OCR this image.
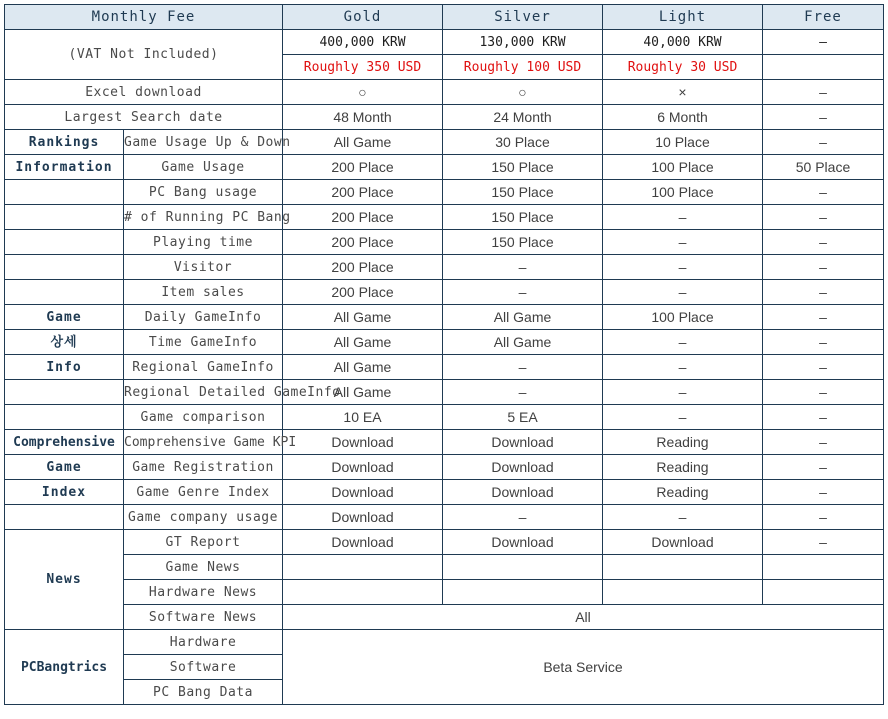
Monthly Fee		Gold	Silver	Light	Free
(VAT Not Included)		400,000 KRW	130,000 KRW	40,000 KRW	–
		Roughly 350 USD	Roughly 100 USD	Roughly 30 USD	
Excel download		○	○	×	–
Largest Search date		48 Month	24 Month	6 Month	–
Rankings	Game Usage Up & Down	All Game	30 Place	10 Place	–
Information	Game Usage	200 Place	150 Place	100 Place	50 Place
	PC Bang usage	200 Place	150 Place	100 Place	–
	# of Running PC Bang	200 Place	150 Place	–	–
	Playing time	200 Place	150 Place	–	–
	Visitor	200 Place	–	–	–
	Item sales	200 Place	–	–	–
Game	Daily GameInfo	All Game	All Game	100 Place	–
상세	Time GameInfo	All Game	All Game	–	–
Info	Regional GameInfo	All Game	–	–	–
	Regional Detailed GameInfo	All Game	–	–	–
	Game comparison	10 EA	5 EA	–	–
Comprehensive	Comprehensive Game KPI	Download	Download	Reading	–
Game	Game Registration	Download	Download	Reading	–
Index	Game Genre Index	Download	Download	Reading	–
	Game company usage	Download	–	–	–
News	GT Report	Download	Download	Download	–
	Game News				
	Hardware News				
	Software News	All			
PCBangtrics	Hardware	Beta Service			
	Software				
	PC Bang Data				
